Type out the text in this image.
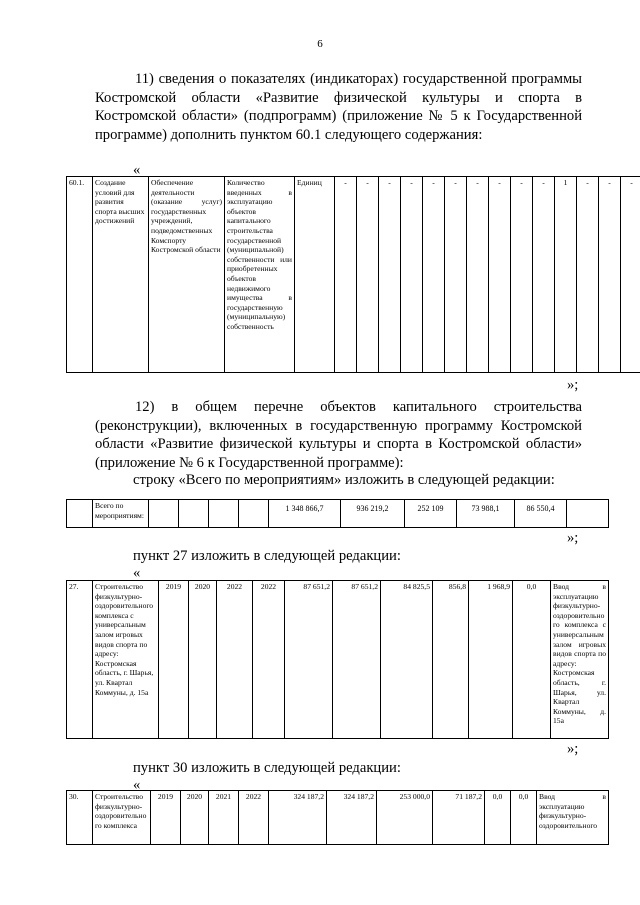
6

11) сведения о показателях (индикаторах) государственной программы Костромской области «Развитие физической культуры и спорта в Костромской области» (подпрограмм) (приложение № 5 к Государственной программе) дополнить пунктом 60.1 следующего содержания:

«
60.1.	Создание условий для развития спорта высших достижений	Обеспечение деятельности (оказание услуг) государственных учреждений, подведомственных Комспорту Костромской области	Количество введенных в эксплуатацию объектов капитального строительства государственной (муниципальной) собственности или приобретенных объектов недвижимого имущества в государственную (муниципальную) собственность	Единиц	-	-	-	-	-	-	-	-	-	-	1	-	-	-
»;

12) в общем перечне объектов капитального строительства (реконструкции), включенных в государственную программу Костромской области «Развитие физической культуры и спорта в Костромской области» (приложение № 6 к Государственной программе):

строку «Всего по мероприятиям» изложить в следующей редакции:

	Всего по мероприятиям:					1 348 866,7	936 219,2	252 109	73 988,1	86 550,4	
»;

пункт 27 изложить в следующей редакции:

«
27.	Строительство физкультурно-оздоровительного комплекса с универсальным залом игровых видов спорта по адресу: Костромская область, г. Шарья, ул. Квартал Коммуны, д. 15а	2019	2020	2022	2022	87 651,2	87 651,2	84 825,5	856,8	1 968,9	0,0	Ввод в эксплуатацию физкультурно-оздоровительного комплекса с универсальным залом игровых видов спорта по адресу: Костромская область, г. Шарья, ул. Квартал Коммуны, д. 15а
»;

пункт 30 изложить в следующей редакции:

«
30.	Строительство физкультурно-оздоровительного комплекса	2019	2020	2021	2022	324 187,2	324 187,2	253 000,0	71 187,2	0,0	0,0	Ввод в эксплуатацию физкультурно-оздоровительного
